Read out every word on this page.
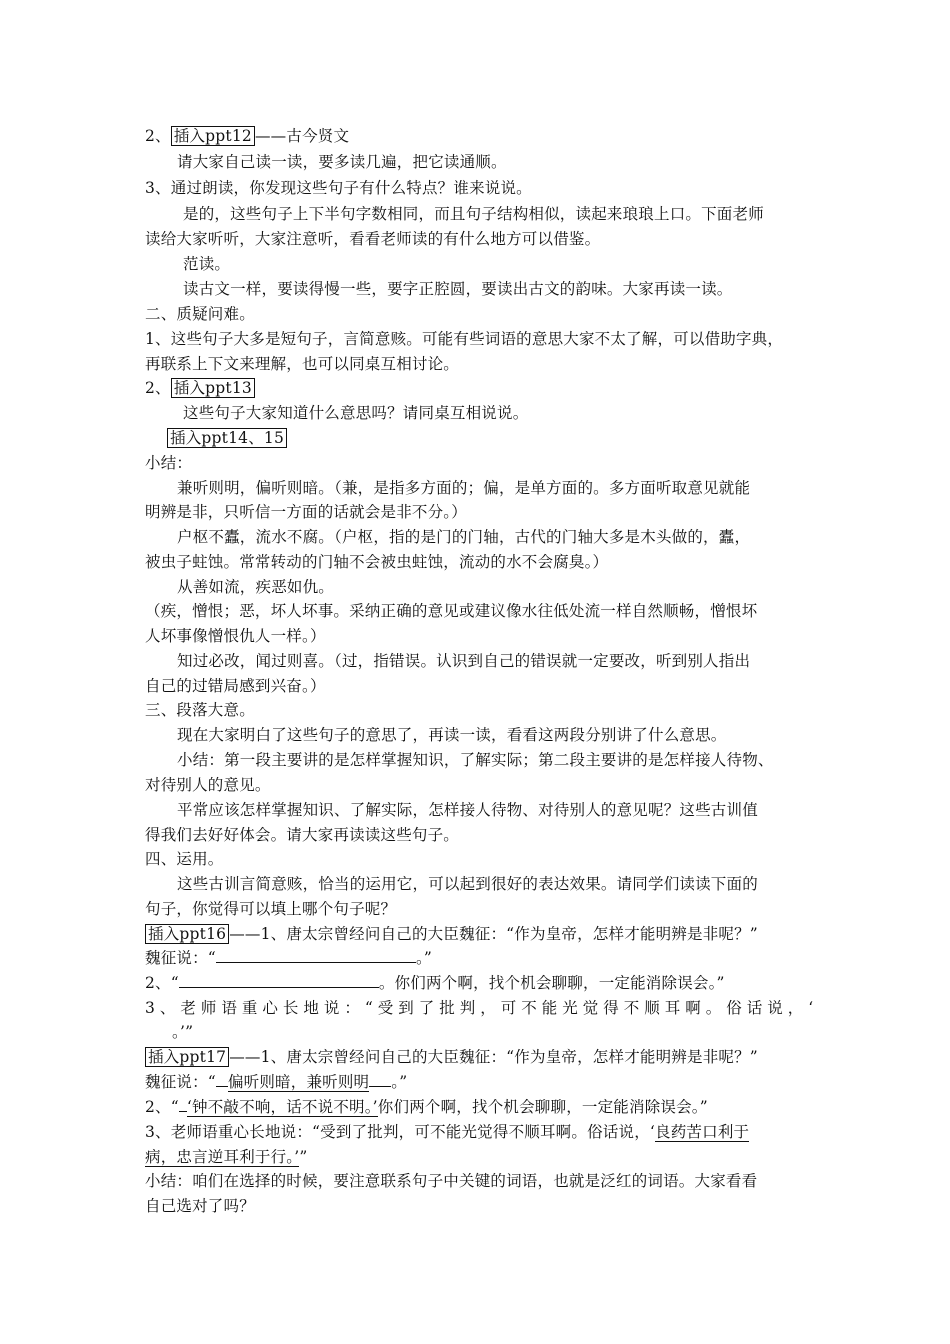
2、 插入ppt12 ——古今贤文
请大家自己读一读，要多读几遍，把它读通顺。
3、通过朗读，你发现这些句子有什么特点？谁来说说。
是的，这些句子上下半句字数相同，而且句子结构相似，读起来琅琅上口。下面老师
读给大家听听，大家注意听，看看老师读的有什么地方可以借鉴。
范读。
读古文一样，要读得慢一些，要字正腔圆，要读出古文的韵味。大家再读一读。
二、质疑问难。
1、这些句子大多是短句子，言简意赅。可能有些词语的意思大家不太了解，可以借助字典，
再联系上下文来理解，也可以同桌互相讨论。
2、 插入ppt13
这些句子大家知道什么意思吗？请同桌互相说说。
插入ppt14、15
小结：
兼听则明，偏听则暗。（兼，是指多方面的；偏，是单方面的。多方面听取意见就能
明辨是非，只听信一方面的话就会是非不分。）
户枢不蠹，流水不腐。（户枢，指的是门的门轴，古代的门轴大多是木头做的，蠹，
被虫子蛀蚀。常常转动的门轴不会被虫蛀蚀，流动的水不会腐臭。）
从善如流，疾恶如仇。
（疾，憎恨；恶，坏人坏事。采纳正确的意见或建议像水往低处流一样自然顺畅，憎恨坏
人坏事像憎恨仇人一样。）
知过必改，闻过则喜。（过，指错误。认识到自己的错误就一定要改，听到别人指出
自己的过错局感到兴奋。）
三、段落大意。
现在大家明白了这些句子的意思了，再读一读，看看这两段分别讲了什么意思。
小结：第一段主要讲的是怎样掌握知识，了解实际；第二段主要讲的是怎样接人待物、
对待别人的意见。
平常应该怎样掌握知识、了解实际，怎样接人待物、对待别人的意见呢？这些古训值
得我们去好好体会。请大家再读读这些句子。
四、运用。
这些古训言简意赅，恰当的运用它，可以起到很好的表达效果。请同学们读读下面的
句子，你觉得可以填上哪个句子呢？
插入ppt16 ——1、唐太宗曾经问自己的大臣魏征：“作为皇帝，怎样才能明辨是非呢？”
魏征说：“	。”
2、“	。你们两个啊，找个机会聊聊，一定能消除误会。”
3、老师语重心长地说：“受到了批判，可不能光觉得不顺耳啊。俗话说，‘
。’”
插入ppt17 ——1、唐太宗曾经问自己的大臣魏征：“作为皇帝，怎样才能明辨是非呢？”
魏征说：“ 偏听则暗，兼听则明 。”
2、“ ‘钟不敲不响，话不说不明。’你们两个啊，找个机会聊聊，一定能消除误会。”
3、老师语重心长地说：“受到了批判，可不能光觉得不顺耳啊。俗话说，‘良药苦口利于
病，忠言逆耳利于行。’”
小结：咱们在选择的时候，要注意联系句子中关键的词语，也就是泛红的词语。大家看看
自己选对了吗？
